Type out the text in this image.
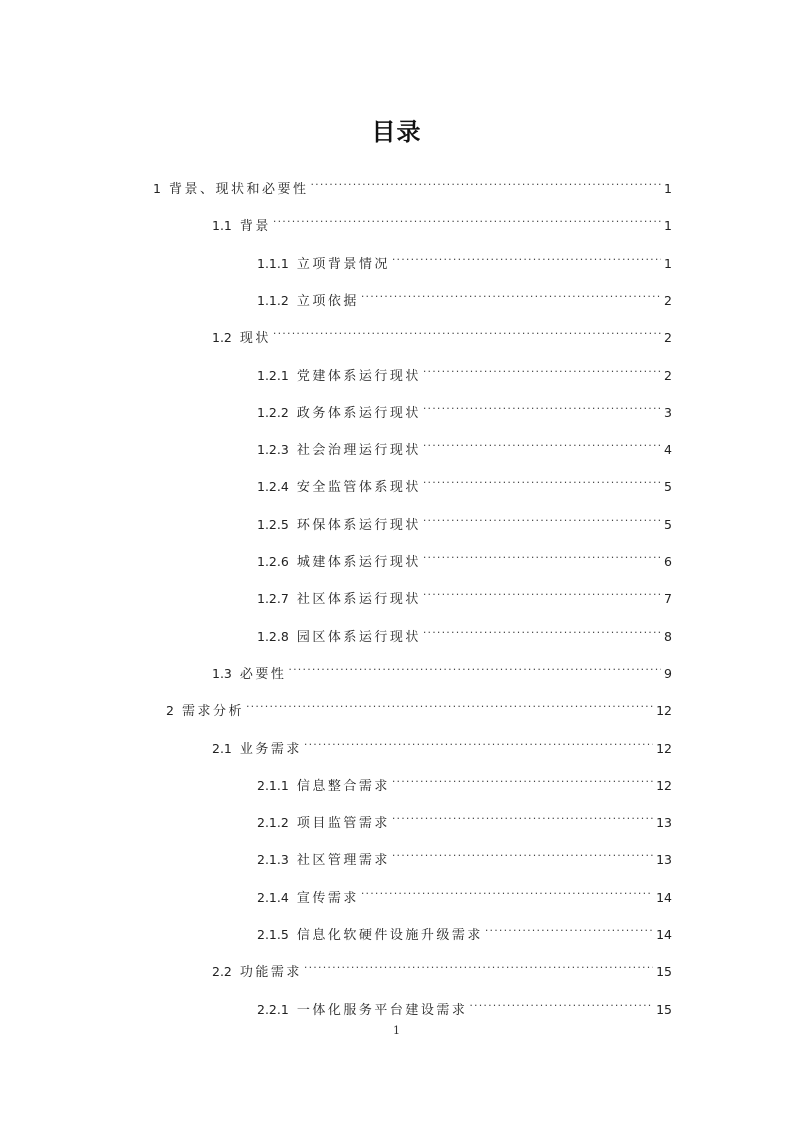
目录
1 背景、现状和必要性 .....	1
1.1 背景 .....	1
1.1.1 立项背景情况 .....	1
1.1.2 立项依据 .....	2
1.2 现状 .....	2
1.2.1 党建体系运行现状 .....	2
1.2.2 政务体系运行现状 .....	3
1.2.3 社会治理运行现状 .....	4
1.2.4 安全监管体系现状 .....	5
1.2.5 环保体系运行现状 .....	5
1.2.6 城建体系运行现状 .....	6
1.2.7 社区体系运行现状 .....	7
1.2.8 园区体系运行现状 .....	8
1.3 必要性 .....	9
2 需求分析 .....	12
2.1 业务需求 .....	12
2.1.1 信息整合需求 .....	12
2.1.2 项目监管需求 .....	13
2.1.3 社区管理需求 .....	13
2.1.4 宣传需求 .....	14
2.1.5 信息化软硬件设施升级需求 .....	14
2.2 功能需求 .....	15
2.2.1 一体化服务平台建设需求 .....	15
1
